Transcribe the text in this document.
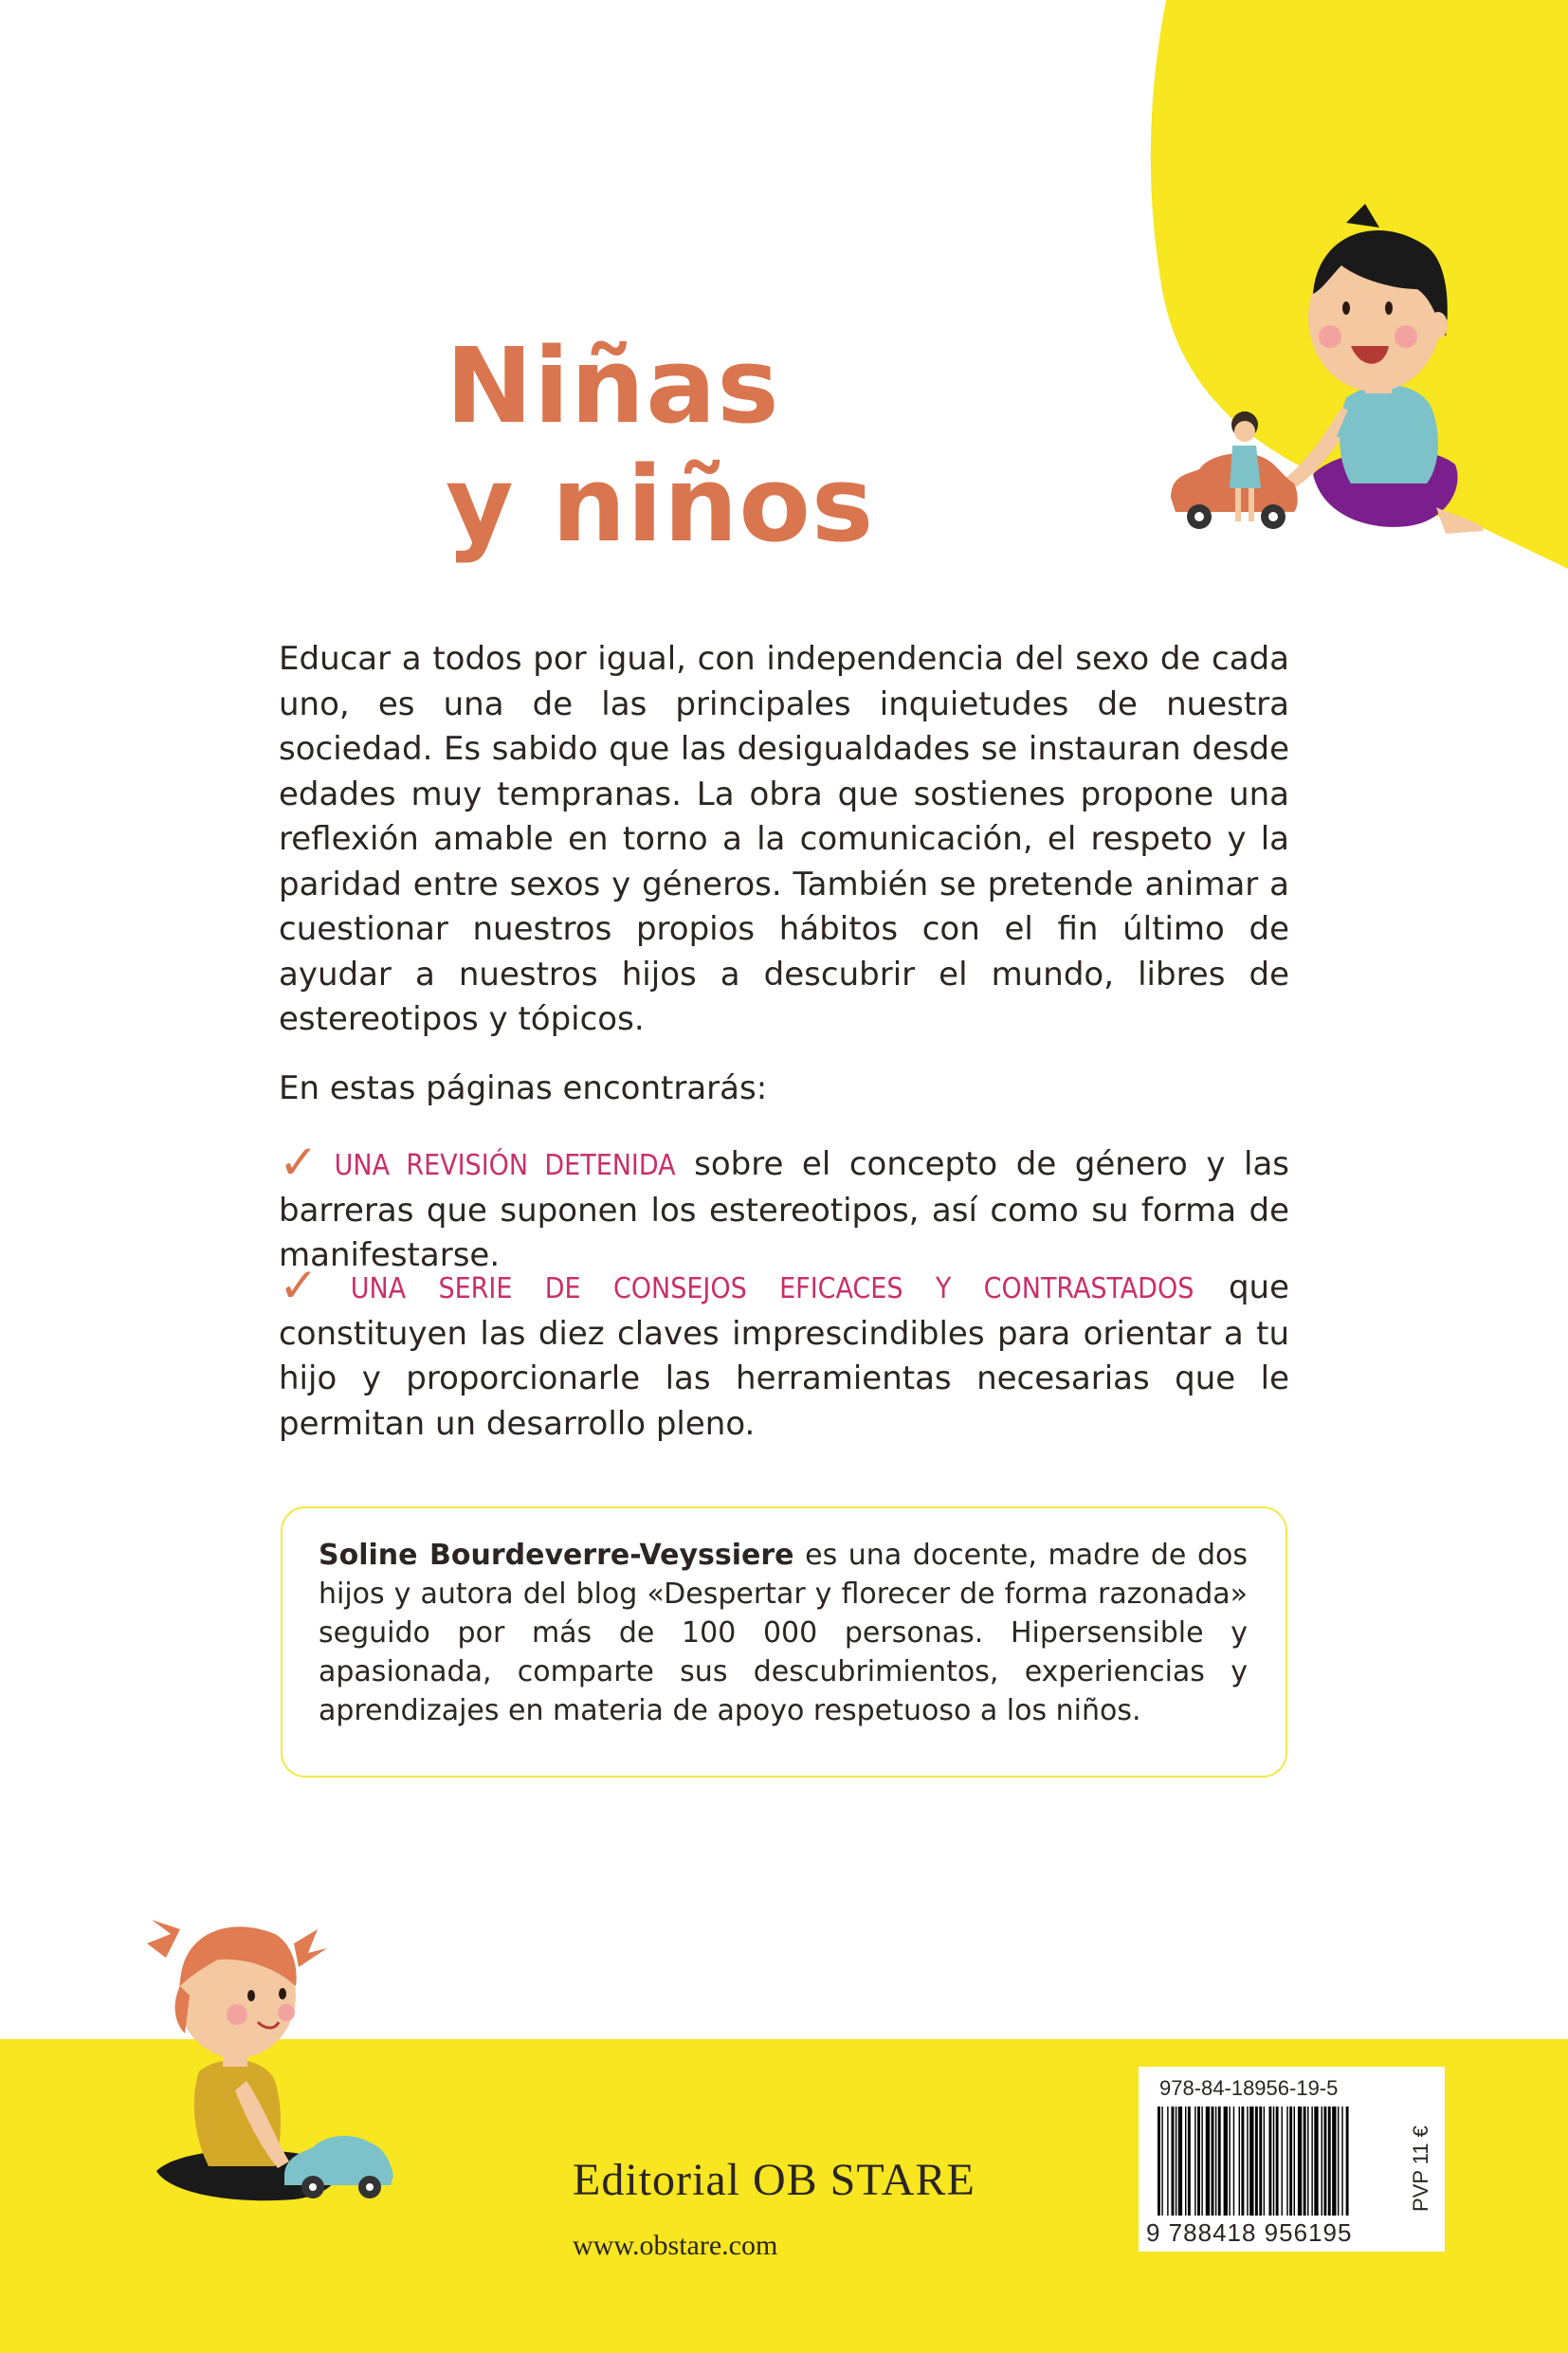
Niñas
y niños

Educar a todos por igual, con independencia del sexo de cada uno, es una de las principales inquietudes de nuestra sociedad. Es sabido que las desigualdades se instauran desde edades muy tempranas. La obra que sostienes propone una reflexión amable en torno a la comunicación, el respeto y la paridad entre sexos y géneros. También se pretende animar a cuestionar nuestros propios hábitos con el fin último de ayudar a nuestros hijos a descubrir el mundo, libres de estereotipos y tópicos.

En estas páginas encontrarás:

✓ UNA REVISIÓN DETENIDA sobre el concepto de género y las barreras que suponen los estereotipos, así como su forma de manifestarse.

✓ UNA SERIE DE CONSEJOS EFICACES Y CONTRASTADOS que constituyen las diez claves imprescindibles para orientar a tu hijo y proporcionarle las herramientas necesarias que le permitan un desarrollo pleno.

Soline Bourdeverre-Veyssiere es una docente, madre de dos hijos y autora del blog «Despertar y florecer de forma razonada» seguido por más de 100 000 personas. Hipersensible y apasionada, comparte sus descubrimientos, experiencias y aprendizajes en materia de apoyo respetuoso a los niños.

Editorial OB STARE

www.obstare.com

978-84-18956-19-5
9 788418 956195
PVP 11 €
